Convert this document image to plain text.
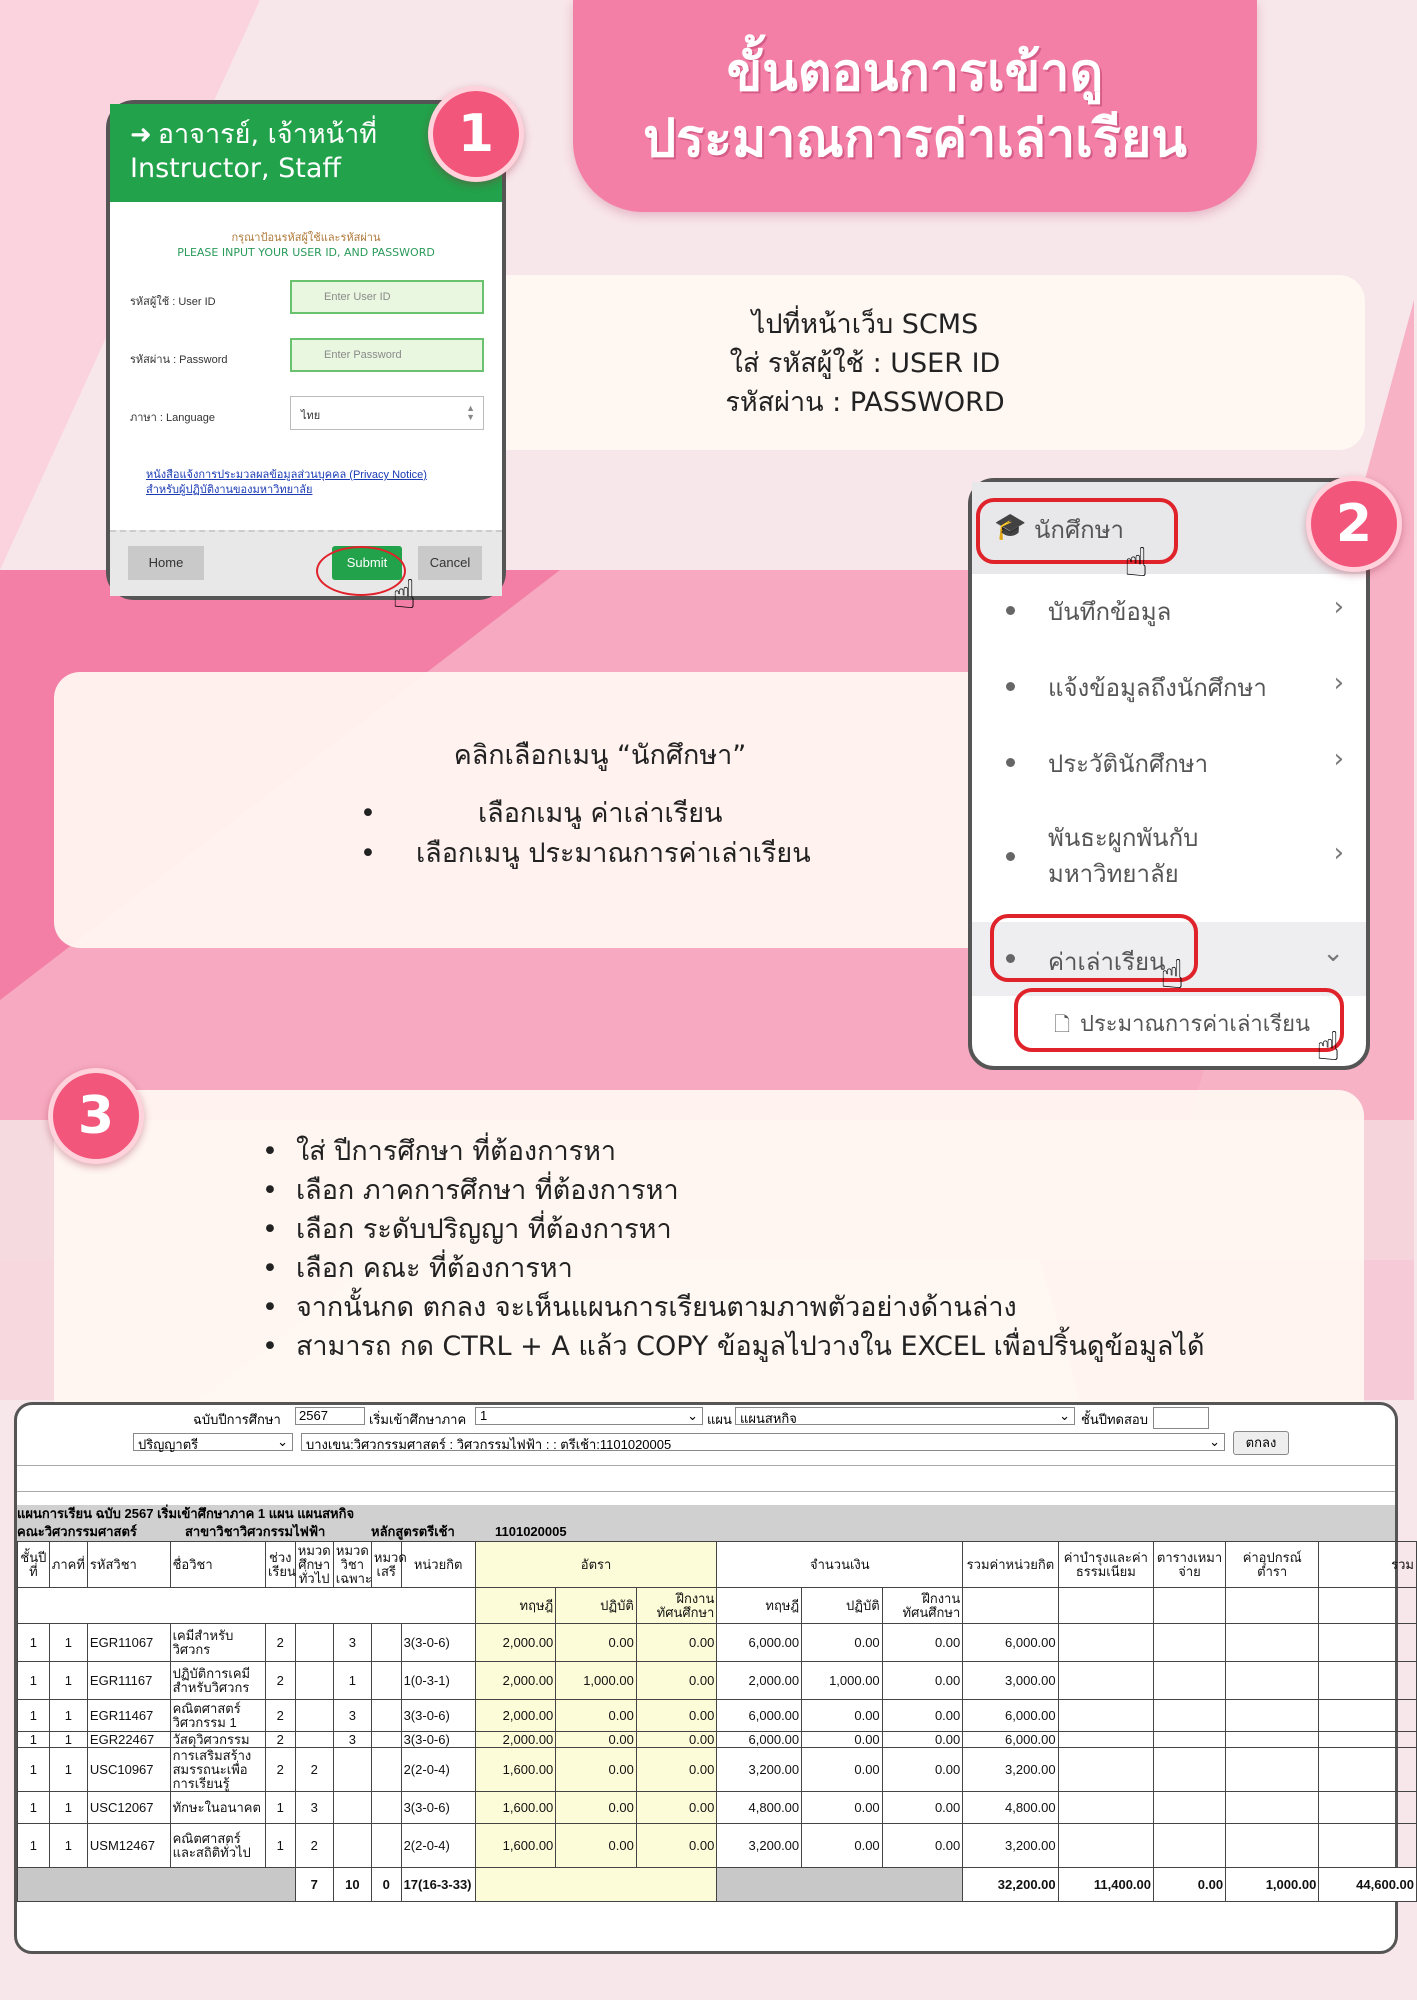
ขั้นตอนการเข้าดู
ประมาณการค่าเล่าเรียน
ไปที่หน้าเว็บ SCMS
ใส่ รหัสผู้ใช้ : USER ID
รหัสผ่าน : PASSWORD
➜ อาจารย์, เจ้าหน้าที่
Instructor, Staff
กรุณาป้อนรหัสผู้ใช้และรหัสผ่าน
PLEASE INPUT YOUR USER ID, AND PASSWORD
รหัสผู้ใช้ : User ID	Enter User ID
รหัสผ่าน : Password	Enter Password
ภาษา : Language	ไทย
▲
▼
หนังสือแจ้งการประมวลผลข้อมูลส่วนบุคคล (Privacy Notice)
สำหรับผู้ปฏิบัติงานของมหาวิทยาลัย
Home	Submit	Cancel
☝
1
คลิกเลือกเมนู “นักศึกษา”
•	เลือกเมนู ค่าเล่าเรียน
• เลือกเมนู ประมาณการค่าเล่าเรียน
🎓 นักศึกษา
บันทึกข้อมูล	›
แจ้งข้อมูลถึงนักศึกษา	›
ประวัตินักศึกษา	›
พันธะผูกพันกับ
มหาวิทยาลัย
›
ค่าเล่าเรียน	⌄
🗋 ประมาณการค่าเล่าเรียน
☝
☝
☝
2
3
• ใส่ ปีการศึกษา ที่ต้องการหา
• เลือก ภาคการศึกษา ที่ต้องการหา
• เลือก ระดับปริญญา ที่ต้องการหา
• เลือก คณะ ที่ต้องการหา
• จากนั้นกด ตกลง จะเห็นแผนการเรียนตามภาพตัวอย่างด้านล่าง
• สามารถ กด CTRL + A แล้ว COPY ข้อมูลไปวางใน EXCEL เพื่อปริ้นดูข้อมูลได้
ฉบับปีการศึกษา	2567	เริ่มเข้าศึกษาภาค	1	⌄ แผน แผนสหกิจ	⌄ ชั้นปีทดสอบ
ปริญญาตรี	⌄	บางเขน:วิศวกรรมศาสตร์ : วิศวกรรมไฟฟ้า : : ตรีเช้า:1101020005	⌄	ตกลง
แผนการเรียน ฉบับ 2567 เริ่มเข้าศึกษาภาค 1 แผน แผนสหกิจ
คณะวิศวกรรมศาสตร์	สาขาวิชาวิศวกรรมไฟฟ้า	หลักสูตรตรีเช้า	1101020005
ชั้นปีที่	ภาคที่	รหัสวิชา	ชื่อวิชา	ช่วงเรียน	หมวดศึกษาทั่วไป	หมวดวิชาเฉพาะ	หมวดเสรี	หน่วยกิต	อัตรา			จำนวนเงิน			รวมค่าหน่วยกิต	ค่าบำรุงและค่าธรรมเนียม	ตารางเหมาจ่าย	ค่าอุปกรณ์ตำรา	รวม
									ทฤษฎี	ปฏิบัติ	ฝึกงานทัศนศึกษา	ทฤษฎี	ปฏิบัติ	ฝึกงานทัศนศึกษา					
1	1	EGR11067	เคมีสำหรับวิศวกร	2		3		3(3-0-6)	2,000.00	0.00	0.00	6,000.00	0.00	0.00	6,000.00				
1	1	EGR11167	ปฏิบัติการเคมีสำหรับวิศวกร	2		1		1(0-3-1)	2,000.00	1,000.00	0.00	2,000.00	1,000.00	0.00	3,000.00				
1	1	EGR11467	คณิตศาสตร์วิศวกรรม 1	2		3		3(3-0-6)	2,000.00	0.00	0.00	6,000.00	0.00	0.00	6,000.00				
1	1	EGR22467	วัสดุวิศวกรรม	2		3		3(3-0-6)	2,000.00	0.00	0.00	6,000.00	0.00	0.00	6,000.00				
1	1	USC10967	การเสริมสร้างสมรรถนะเพื่อการเรียนรู้	2	2			2(2-0-4)	1,600.00	0.00	0.00	3,200.00	0.00	0.00	3,200.00				
1	1	USC12067	ทักษะในอนาคต	1	3			3(3-0-6)	1,600.00	0.00	0.00	4,800.00	0.00	0.00	4,800.00				
1	1	USM12467	คณิตศาสตร์และสถิติทั่วไป	1	2			2(2-0-4)	1,600.00	0.00	0.00	3,200.00	0.00	0.00	3,200.00				
					7	10	0	17(16-3-33)							32,200.00	11,400.00	0.00	1,000.00	44,600.00
